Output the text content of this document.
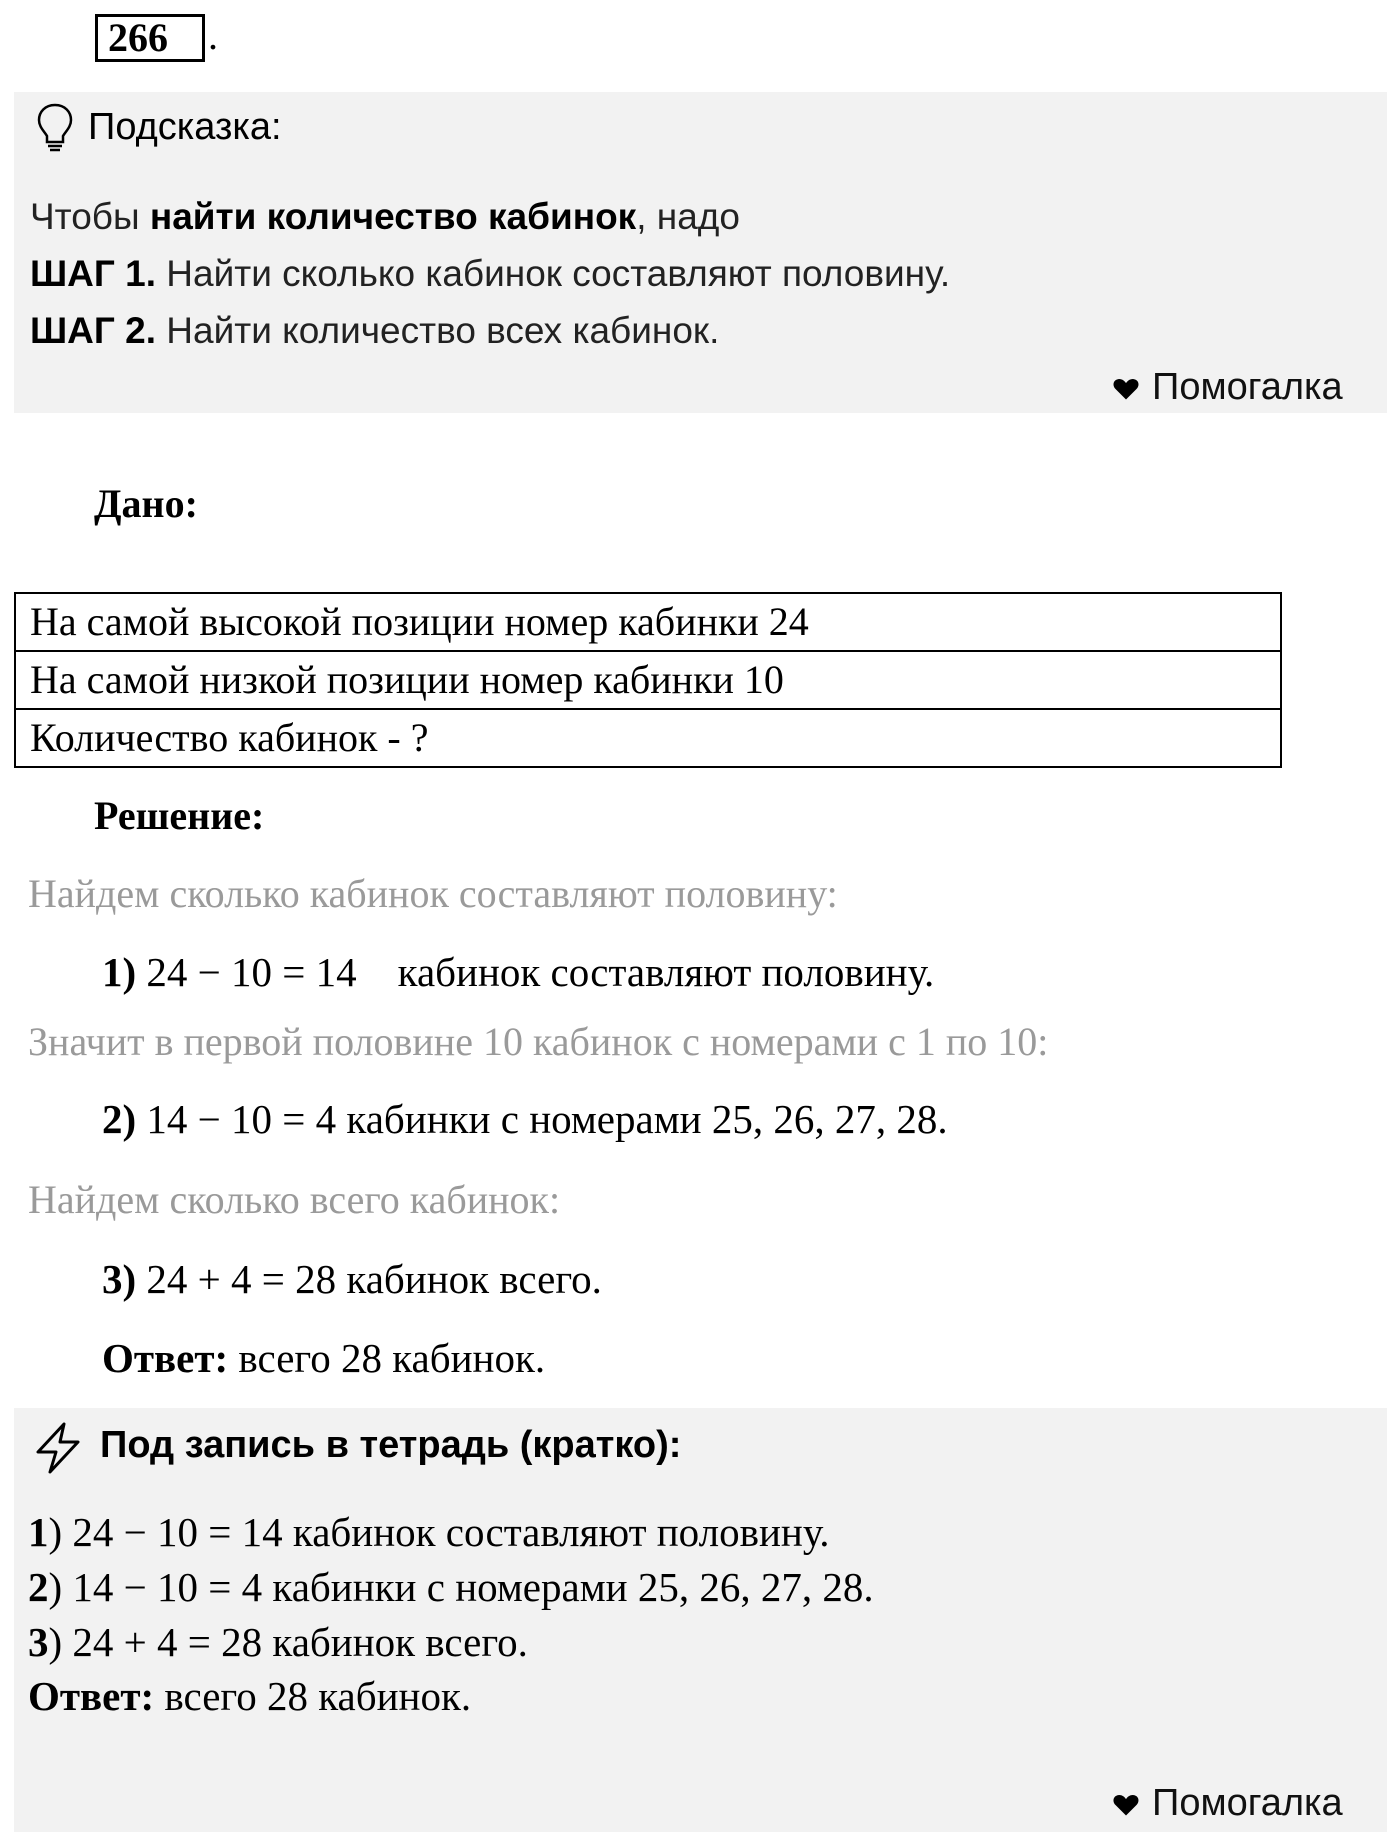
266	.
Подсказка:
Чтобы найти количество кабинок, надо
ШАГ 1. Найти сколько кабинок составляют половину.
ШАГ 2. Найти количество всех кабинок.
Помогалка
Дано:
На самой высокой позиции номер кабинки 24
На самой низкой позиции номер кабинки 10
Количество кабинок - ?
Решение:
Найдем сколько кабинок составляют половину:
1) 24 − 10 = 14    кабинок составляют половину.
Значит в первой половине 10 кабинок с номерами с 1 по 10:
2) 14 − 10 = 4 кабинки с номерами 25, 26, 27, 28.
Найдем сколько всего кабинок:
3) 24 + 4 = 28 кабинок всего.
Ответ: всего 28 кабинок.
Под запись в тетрадь (кратко):
1) 24 − 10 = 14 кабинок составляют половину.
2) 14 − 10 = 4 кабинки с номерами 25, 26, 27, 28.
3) 24 + 4 = 28 кабинок всего.
Ответ: всего 28 кабинок.
Помогалка
